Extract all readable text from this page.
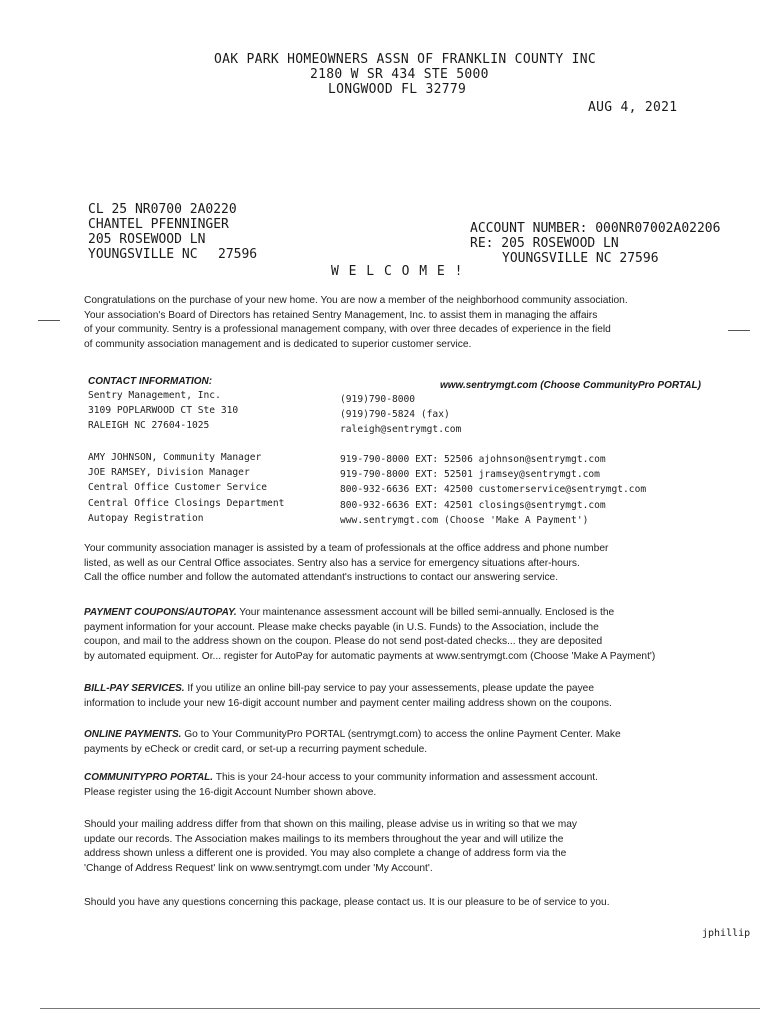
OAK PARK HOMEOWNERS ASSN OF FRANKLIN COUNTY INC
2180 W SR 434 STE 5000
LONGWOOD FL 32779
AUG 4, 2021
CL 25 NR0700 2A0220
CHANTEL PFENNINGER
205 ROSEWOOD LN
YOUNGSVILLE NC 27596
ACCOUNT NUMBER: 000NR07002A02206
RE: 205 ROSEWOOD LN
YOUNGSVILLE NC 27596
W E L C O M E !
Congratulations on the purchase of your new home. You are now a member of the neighborhood community association.
Your association's Board of Directors has retained Sentry Management, Inc. to assist them in managing the affairs
of your community. Sentry is a professional management company, with over three decades of experience in the field
of community association management and is dedicated to superior customer service.
CONTACT INFORMATION:	www.sentrymgt.com (Choose CommunityPro PORTAL)
Sentry Management, Inc.
3109 POPLARWOOD CT Ste 310
RALEIGH NC 27604-1025
(919)790-8000
(919)790-5824 (fax)
raleigh@sentrymgt.com
AMY JOHNSON, Community Manager
JOE RAMSEY, Division Manager
Central Office Customer Service
Central Office Closings Department
Autopay Registration
919-790-8000 EXT: 52506 ajohnson@sentrymgt.com
919-790-8000 EXT: 52501 jramsey@sentrymgt.com
800-932-6636 EXT: 42500 customerservice@sentrymgt.com
800-932-6636 EXT: 42501 closings@sentrymgt.com
www.sentrymgt.com (Choose 'Make A Payment')
Your community association manager is assisted by a team of professionals at the office address and phone number
listed, as well as our Central Office associates. Sentry also has a service for emergency situations after-hours.
Call the office number and follow the automated attendant's instructions to contact our answering service.
PAYMENT COUPONS/AUTOPAY. Your maintenance assessment account will be billed semi-annually. Enclosed is the
payment information for your account. Please make checks payable (in U.S. Funds) to the Association, include the
coupon, and mail to the address shown on the coupon. Please do not send post-dated checks... they are deposited
by automated equipment. Or... register for AutoPay for automatic payments at www.sentrymgt.com (Choose 'Make A Payment')
BILL-PAY SERVICES. If you utilize an online bill-pay service to pay your assessements, please update the payee
information to include your new 16-digit account number and payment center mailing address shown on the coupons.
ONLINE PAYMENTS. Go to Your CommunityPro PORTAL (sentrymgt.com) to access the online Payment Center. Make
payments by eCheck or credit card, or set-up a recurring payment schedule.
COMMUNITYPRO PORTAL. This is your 24-hour access to your community information and assessment account.
Please register using the 16-digit Account Number shown above.
Should your mailing address differ from that shown on this mailing, please advise us in writing so that we may
update our records. The Association makes mailings to its members throughout the year and will utilize the
address shown unless a different one is provided. You may also complete a change of address form via the
'Change of Address Request' link on www.sentrymgt.com under 'My Account'.
Should you have any questions concerning this package, please contact us. It is our pleasure to be of service to you.
jphillip
